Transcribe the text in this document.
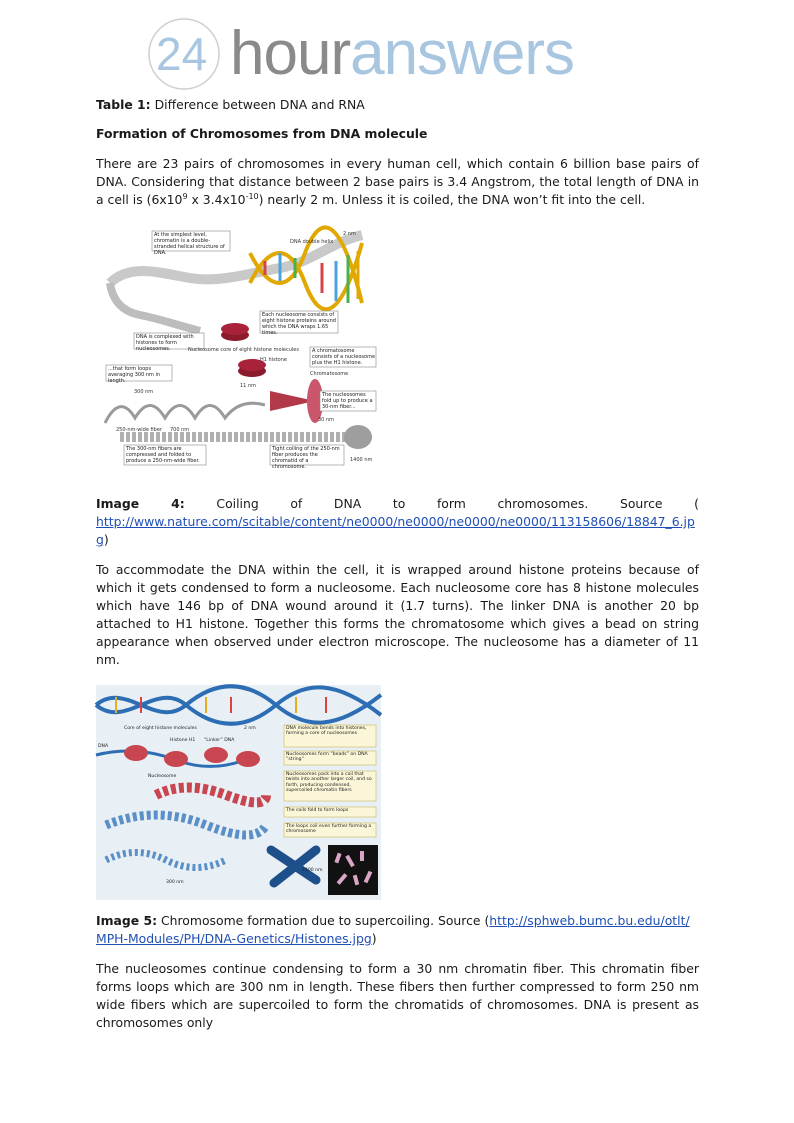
24 houranswers

Table 1: Difference between DNA and RNA

Formation of Chromosomes from DNA molecule

There are 23 pairs of chromosomes in every human cell, which contain 6 billion base pairs of DNA. Considering that distance between 2 base pairs is 3.4 Angstrom, the total length of DNA in a cell is ($6x10^9$ x $3.4x10^{-10}$) nearly 2 m. Unless it is coiled, the DNA won’t fit into the cell.

At the simplest level, chromatin is a double-stranded helical structure of DNA.
DNA double helix
2 nm
DNA is complexed with histones to form nucleosomes.
Each nucleosome consists of eight histone proteins around which the DNA wraps 1.65 times.
Nucleosome core of eight histone molecules
H1 histone
A chromatosome consists of a nucleosome plus the H1 histone.
Chromatosome
11 nm
...that form loops averaging 300 nm in length.
300 nm	The nucleosomes fold up to produce a 30-nm fiber...
30 nm
250-nm-wide fiber 700 nm
1400 nm
The 300-nm fibers are compressed and folded to produce a 250-nm-wide fiber.
Tight coiling of the 250-nm fiber produces the chromatid of a chromosome.

Image 4: Coiling of DNA to form chromosomes. Source (

http://www.nature.com/scitable/content/ne0000/ne0000/ne0000/ne0000/113158606/18847_6.jpg)

To accommodate the DNA within the cell, it is wrapped around histone proteins because of which it gets condensed to form a nucleosome. Each nucleosome core has 8 histone molecules which have 146 bp of DNA wound around it (1.7 turns). The linker DNA is another 20 bp attached to H1 histone. Together this forms the chromatosome which gives a bead on string appearance when observed under electron microscope. The nucleosome has a diameter of 11 nm.

DNA
Core of eight histone molecules
Histone H1 “Linker” DNA
2 nm
Nucleosome
300 nm
1400 nm
DNA molecule bends into histones, forming a core of nucleosomes
Nucleosomes form “beads” on DNA “string”
Nucleosomes pack into a coil that twists into another larger coil, and so forth, producing condensed, supercoiled chromatin fibers
The coils fold to form loops
The loops coil even further forming a chromosome

Image 5: Chromosome formation due to supercoiling. Source (http://sphweb.bumc.bu.edu/otlt/MPH-Modules/PH/DNA-Genetics/Histones.jpg)

The nucleosomes continue condensing to form a 30 nm chromatin fiber. This chromatin fiber forms loops which are 300 nm in length. These fibers then further compressed to form 250 nm wide fibers which are supercoiled to form the chromatids of chromosomes. DNA is present as chromosomes only
